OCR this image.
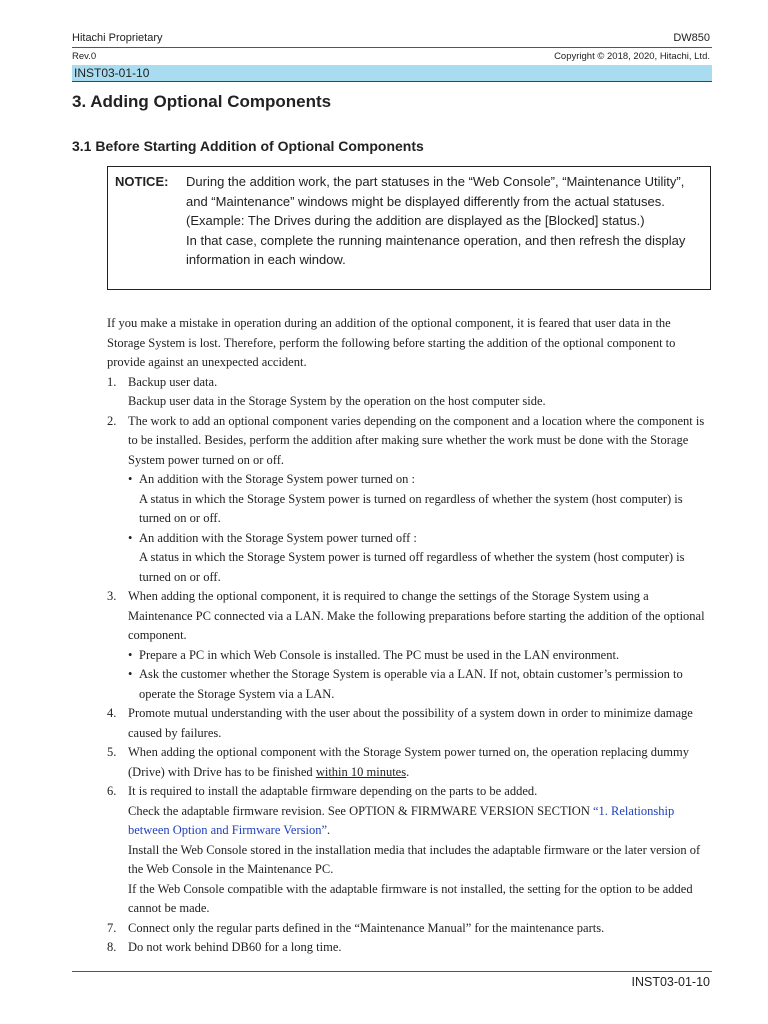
Hitachi Proprietary	DW850
Rev.0	Copyright © 2018, 2020, Hitachi, Ltd.
INST03-01-10
3. Adding Optional Components
3.1 Before Starting Addition of Optional Components
NOTICE: During the addition work, the part statuses in the “Web Console”, “Maintenance Utility”, and “Maintenance” windows might be displayed differently from the actual statuses. (Example: The Drives during the addition are displayed as the [Blocked] status.)
In that case, complete the running maintenance operation, and then refresh the display information in each window.

If you make a mistake in operation during an addition of the optional component, it is feared that user data in the Storage System is lost. Therefore, perform the following before starting the addition of the optional component to provide against an unexpected accident.

1. Backup user data.
Backup user data in the Storage System by the operation on the host computer side.
2. The work to add an optional component varies depending on the component and a location where the component is to be installed. Besides, perform the addition after making sure whether the work must be done with the Storage System power turned on or off.
• An addition with the Storage System power turned on :
A status in which the Storage System power is turned on regardless of whether the system (host computer) is turned on or off.
• An addition with the Storage System power turned off :
A status in which the Storage System power is turned off regardless of whether the system (host computer) is turned on or off.
3. When adding the optional component, it is required to change the settings of the Storage System using a Maintenance PC connected via a LAN. Make the following preparations before starting the addition of the optional component.
• Prepare a PC in which Web Console is installed. The PC must be used in the LAN environment.
• Ask the customer whether the Storage System is operable via a LAN. If not, obtain customer’s permission to operate the Storage System via a LAN.
4. Promote mutual understanding with the user about the possibility of a system down in order to minimize damage caused by failures.
5. When adding the optional component with the Storage System power turned on, the operation replacing dummy (Drive) with Drive has to be finished within 10 minutes.
6. It is required to install the adaptable firmware depending on the parts to be added.
Check the adaptable firmware revision. See OPTION & FIRMWARE VERSION SECTION “1. Relationship between Option and Firmware Version”.
Install the Web Console stored in the installation media that includes the adaptable firmware or the later version of the Web Console in the Maintenance PC.
If the Web Console compatible with the adaptable firmware is not installed, the setting for the option to be added cannot be made.
7. Connect only the regular parts defined in the “Maintenance Manual” for the maintenance parts.
8. Do not work behind DB60 for a long time.
INST03-01-10
